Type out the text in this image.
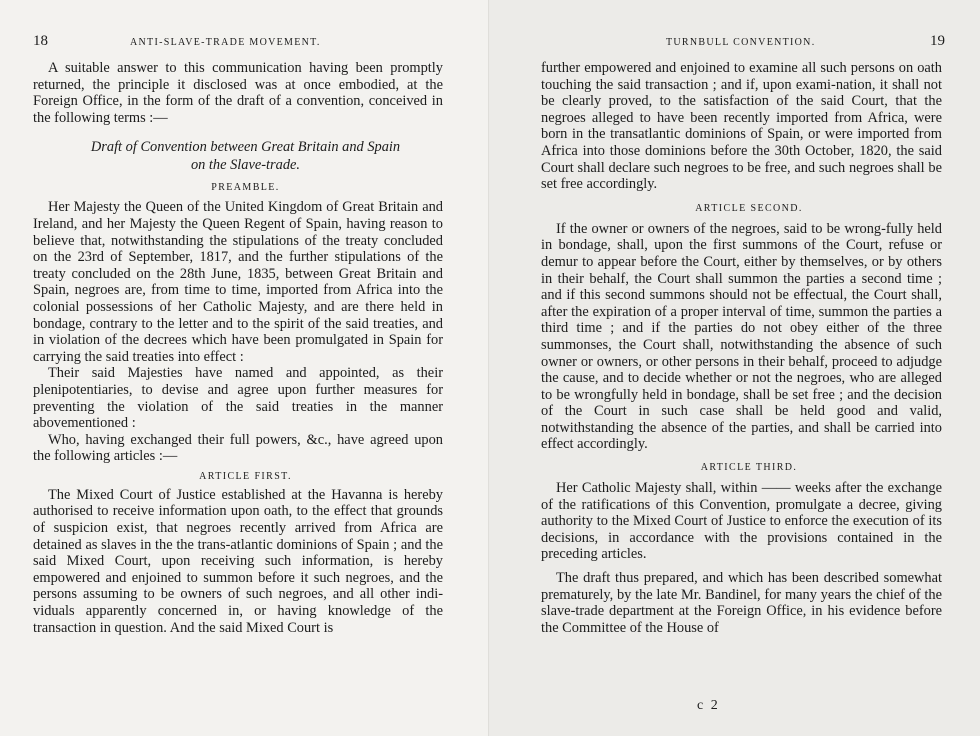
18	ANTI-SLAVE-TRADE MOVEMENT.

A suitable answer to this communication having been promptly returned, the principle it disclosed was at once embodied, at the Foreign Office, in the form of the draft of a convention, conceived in the following terms :—

Draft of Convention between Great Britain and Spain

on the Slave-trade.

PREAMBLE.

Her Majesty the Queen of the United Kingdom of Great Britain and Ireland, and her Majesty the Queen Regent of Spain, having reason to believe that, notwithstanding the stipulations of the treaty concluded on the 23rd of September, 1817, and the further stipulations of the treaty concluded on the 28th June, 1835, between Great Britain and Spain, negroes are, from time to time, imported from Africa into the colonial possessions of her Catholic Majesty, and are there held in bondage, contrary to the letter and to the spirit of the said treaties, and in violation of the decrees which have been promulgated in Spain for carrying the said treaties into effect :

Their said Majesties have named and appointed, as their plenipotentiaries, to devise and agree upon further measures for preventing the violation of the said treaties in the manner abovementioned :

Who, having exchanged their full powers, &c., have agreed upon the following articles :—

ARTICLE FIRST.

The Mixed Court of Justice established at the Havanna is hereby authorised to receive information upon oath, to the effect that grounds of suspicion exist, that negroes recently arrived from Africa are detained as slaves in the the trans-atlantic dominions of Spain ; and the said Mixed Court, upon receiving such information, is hereby empowered and enjoined to summon before it such negroes, and the persons assuming to be owners of such negroes, and all other indi-viduals apparently concerned in, or having knowledge of the transaction in question. And the said Mixed Court is

TURNBULL CONVENTION.	19

further empowered and enjoined to examine all such persons on oath touching the said transaction ; and if, upon exami-nation, it shall not be clearly proved, to the satisfaction of the said Court, that the negroes alleged to have been recently imported from Africa, were born in the transatlantic dominions of Spain, or were imported from Africa into those dominions before the 30th October, 1820, the said Court shall declare such negroes to be free, and such negroes shall be set free accordingly.

ARTICLE SECOND.

If the owner or owners of the negroes, said to be wrong-fully held in bondage, shall, upon the first summons of the Court, refuse or demur to appear before the Court, either by themselves, or by others in their behalf, the Court shall summon the parties a second time ; and if this second summons should not be effectual, the Court shall, after the expiration of a proper interval of time, summon the parties a third time ; and if the parties do not obey either of the three summonses, the Court shall, notwithstanding the absence of such owner or owners, or other persons in their behalf, proceed to adjudge the cause, and to decide whether or not the negroes, who are alleged to be wrongfully held in bondage, shall be set free ; and the decision of the Court in such case shall be held good and valid, notwithstanding the absence of the parties, and shall be carried into effect accordingly.

ARTICLE THIRD.

Her Catholic Majesty shall, within —— weeks after the exchange of the ratifications of this Convention, promulgate a decree, giving authority to the Mixed Court of Justice to enforce the execution of its decisions, in accordance with the provisions contained in the preceding articles.

The draft thus prepared, and which has been described somewhat prematurely, by the late Mr. Bandinel, for many years the chief of the slave-trade department at the Foreign Office, in his evidence before the Committee of the House of

c 2
